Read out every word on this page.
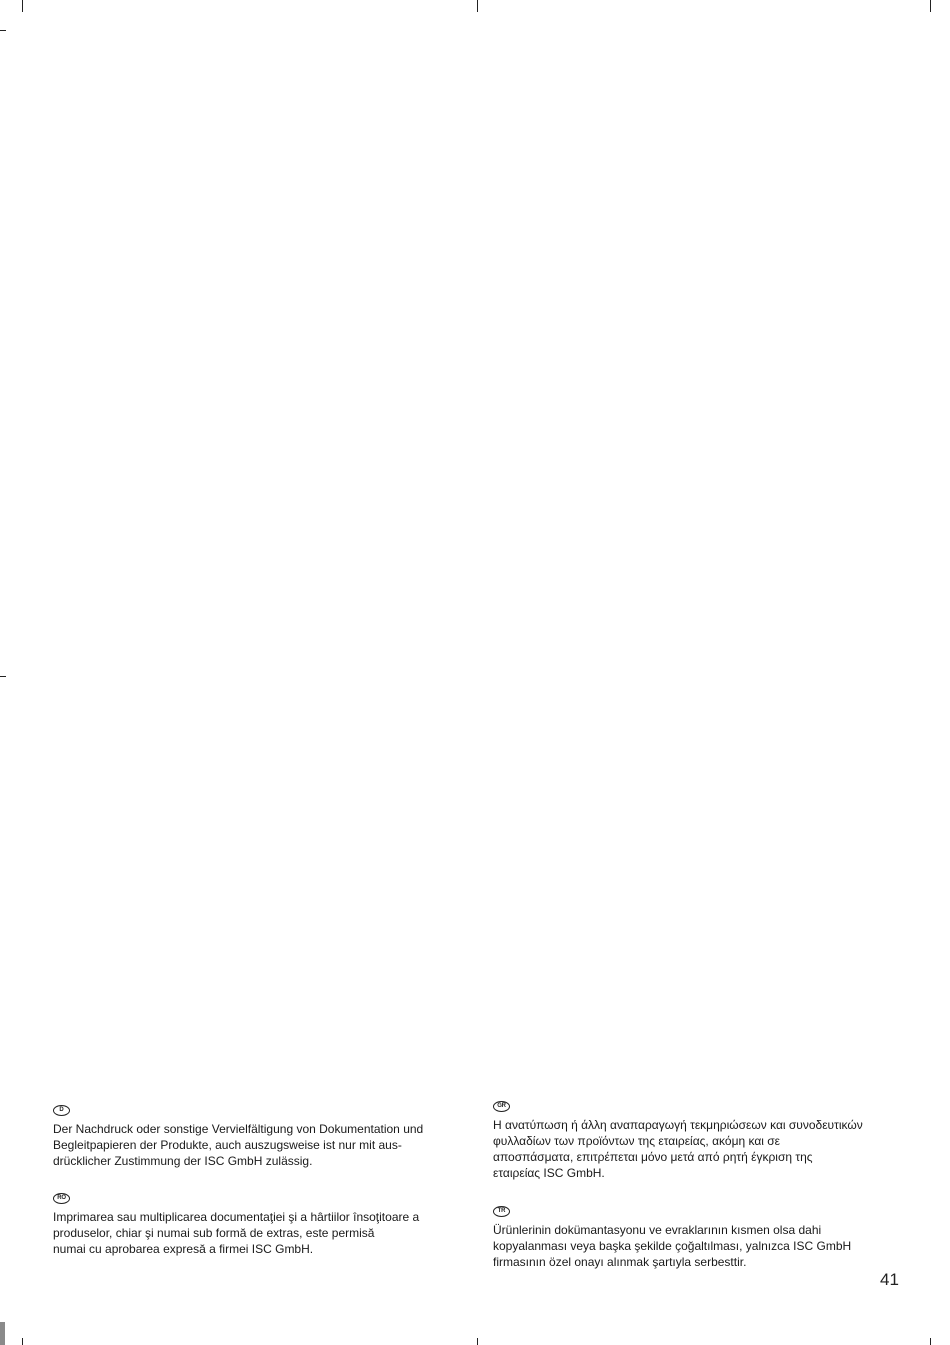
D
Der Nachdruck oder sonstige Vervielfältigung von Dokumentation und
Begleitpapieren der Produkte, auch auszugsweise ist nur mit aus-
drücklicher Zustimmung der ISC GmbH zulässig.
RO
Imprimarea sau multiplicarea documentaţiei şi a hârtiilor însoţitoare a
produselor, chiar şi numai sub formă de extras, este permisă
numai cu aprobarea expresă a firmei ISC GmbH.
GR
Η ανατύπωση ή άλλη αναπαραγωγή τεκμηριώσεων και συνοδευτικών
φυλλαδίων των προϊόντων της εταιρείας, ακόμη και σε
αποσπάσματα, επιτρέπεται μόνο μετά από ρητή έγκριση της
εταιρείας ISC GmbH.
TR
Ürünlerinin dokümantasyonu ve evraklarının kısmen olsa dahi
kopyalanması veya başka şekilde çoğaltılması, yalnızca ISC GmbH
firmasının özel onayı alınmak şartıyla serbesttir.
41
